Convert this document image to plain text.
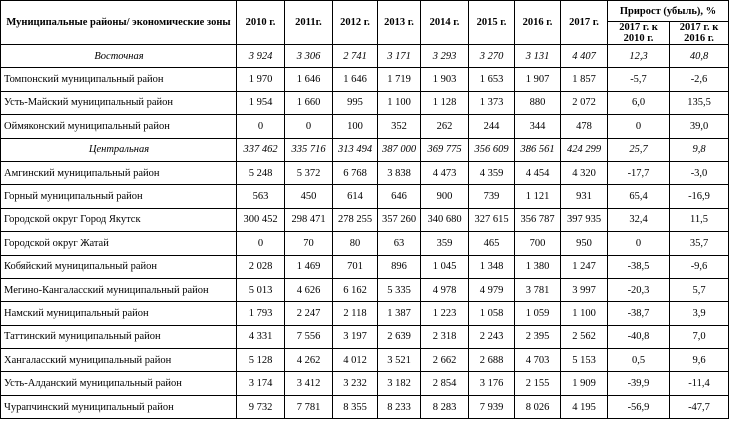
Муниципальные районы/ экономические зоны	2010 г.	2011г.	2012 г.	2013 г.	2014 г.	2015 г.	2016 г.	2017 г.	Прирост (убыль), %	
									2017 г. к 2010 г.	2017 г. к 2016 г.
Восточная	3 924	3 306	2 741	3 171	3 293	3 270	3 131	4 407	12,3	40,8
Томпонский муниципальный район	1 970	1 646	1 646	1 719	1 903	1 653	1 907	1 857	-5,7	-2,6
Усть-Майский муниципальный район	1 954	1 660	995	1 100	1 128	1 373	880	2 072	6,0	135,5
Оймяконский муниципальный район	0	0	100	352	262	244	344	478	0	39,0
Центральная	337 462	335 716	313 494	387 000	369 775	356 609	386 561	424 299	25,7	9,8
Амгинский муниципальный район	5 248	5 372	6 768	3 838	4 473	4 359	4 454	4 320	-17,7	-3,0
Горный муниципальный район	563	450	614	646	900	739	1 121	931	65,4	-16,9
Городской округ Город Якутск	300 452	298 471	278 255	357 260	340 680	327 615	356 787	397 935	32,4	11,5
Городской округ Жатай	0	70	80	63	359	465	700	950	0	35,7
Кобяйский муниципальный район	2 028	1 469	701	896	1 045	1 348	1 380	1 247	-38,5	-9,6
Мегино-Кангаласский муниципальный район	5 013	4 626	6 162	5 335	4 978	4 979	3 781	3 997	-20,3	5,7
Намский муниципальный район	1 793	2 247	2 118	1 387	1 223	1 058	1 059	1 100	-38,7	3,9
Таттинский муниципальный район	4 331	7 556	3 197	2 639	2 318	2 243	2 395	2 562	-40,8	7,0
Хангаласский муниципальный район	5 128	4 262	4 012	3 521	2 662	2 688	4 703	5 153	0,5	9,6
Усть-Алданский муниципальный район	3 174	3 412	3 232	3 182	2 854	3 176	2 155	1 909	-39,9	-11,4
Чурапчинский муниципальный район	9 732	7 781	8 355	8 233	8 283	7 939	8 026	4 195	-56,9	-47,7
